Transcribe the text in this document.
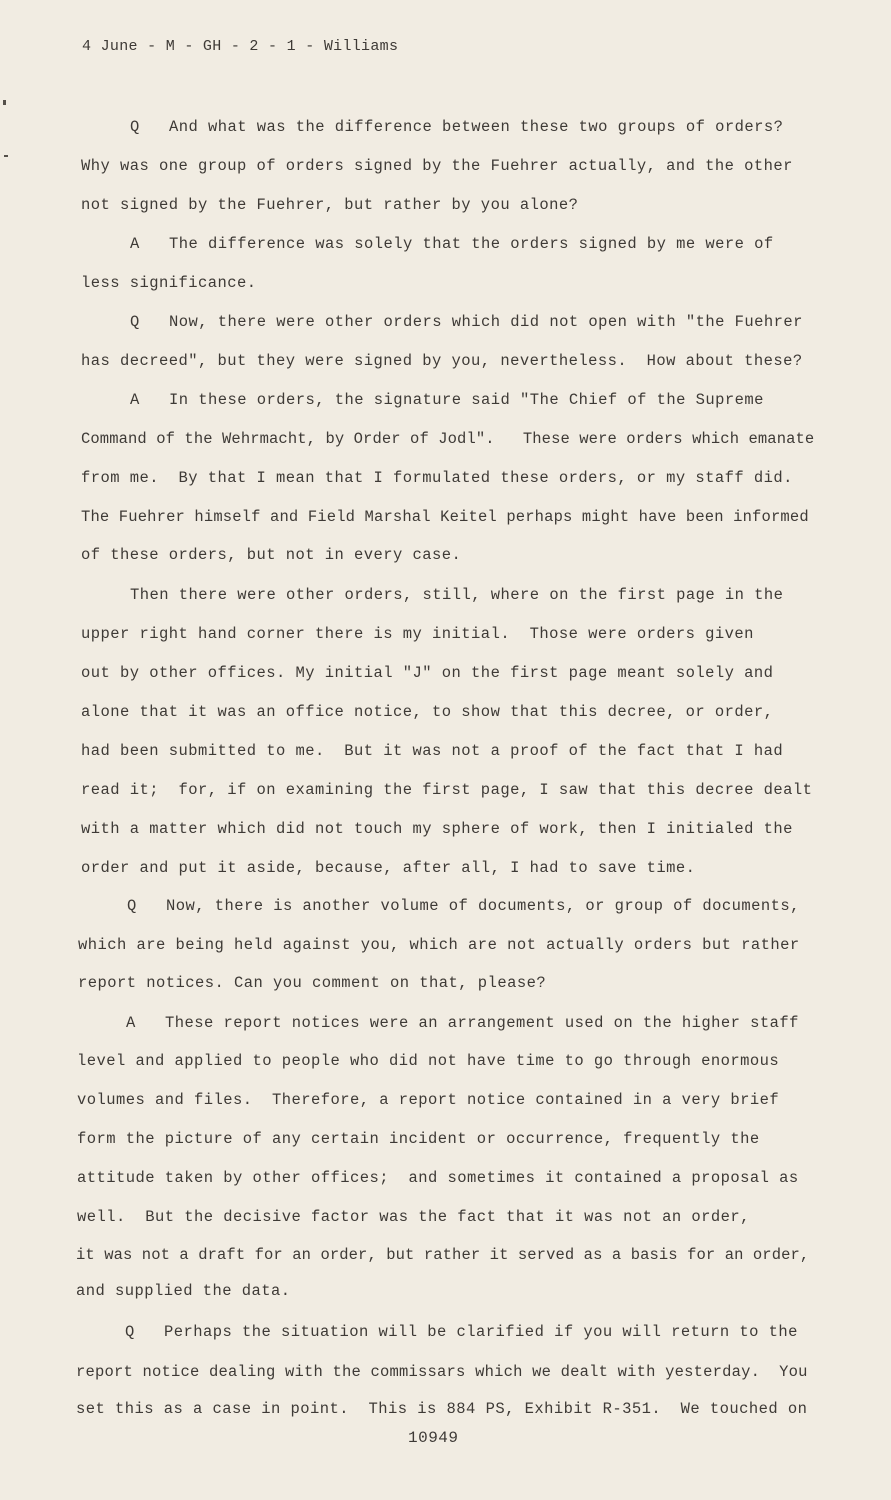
4 June - M - GH - 2 - 1 - Williams
Q   And what was the difference between these two groups of orders?
Why was one group of orders signed by the Fuehrer actually, and the other
not signed by the Fuehrer, but rather by you alone?
A   The difference was solely that the orders signed by me were of
less significance.
Q   Now, there were other orders which did not open with "the Fuehrer
has decreed", but they were signed by you, nevertheless.  How about these?
A   In these orders, the signature said "The Chief of the Supreme
Command of the Wehrmacht, by Order of Jodl".   These were orders which emanate
from me.  By that I mean that I formulated these orders, or my staff did.
The Fuehrer himself and Field Marshal Keitel perhaps might have been informed
of these orders, but not in every case.
Then there were other orders, still, where on the first page in the
upper right hand corner there is my initial.  Those were orders given
out by other offices. My initial "J" on the first page meant solely and
alone that it was an office notice, to show that this decree, or order,
had been submitted to me.  But it was not a proof of the fact that I had
read it;  for, if on examining the first page, I saw that this decree dealt
with a matter which did not touch my sphere of work, then I initialed the
order and put it aside, because, after all, I had to save time.
Q   Now, there is another volume of documents, or group of documents,
which are being held against you, which are not actually orders but rather
report notices. Can you comment on that, please?
A   These report notices were an arrangement used on the higher staff
level and applied to people who did not have time to go through enormous
volumes and files.  Therefore, a report notice contained in a very brief
form the picture of any certain incident or occurrence, frequently the
attitude taken by other offices;  and sometimes it contained a proposal as
well.  But the decisive factor was the fact that it was not an order,
it was not a draft for an order, but rather it served as a basis for an order,
and supplied the data.
Q   Perhaps the situation will be clarified if you will return to the
report notice dealing with the commissars which we dealt with yesterday.  You
set this as a case in point.  This is 884 PS, Exhibit R-351.  We touched on
10949
